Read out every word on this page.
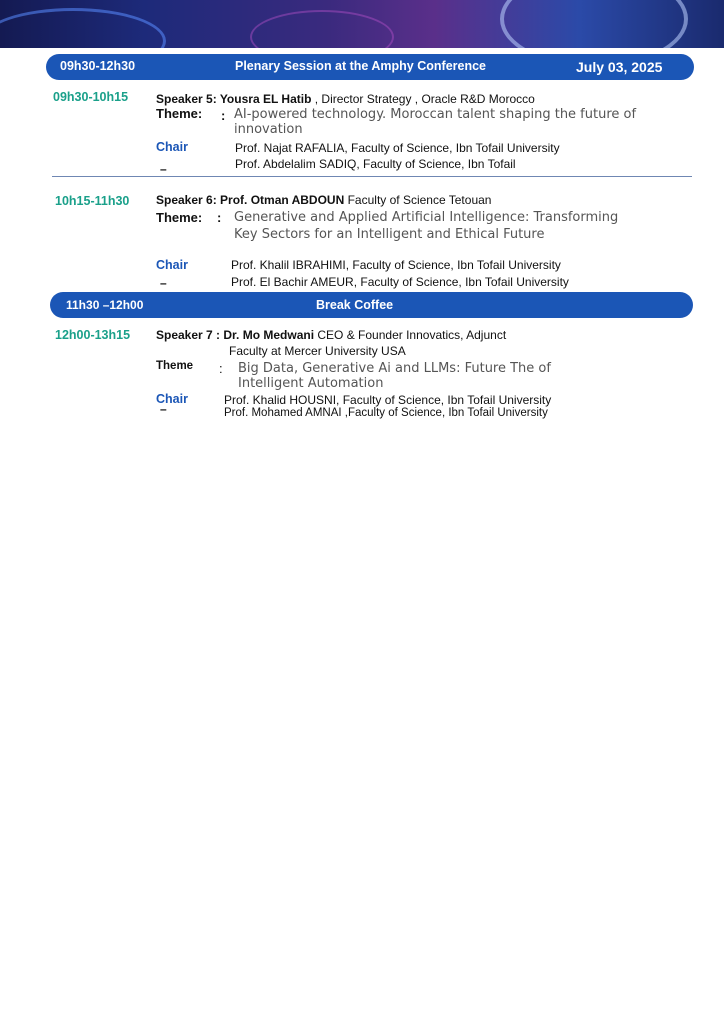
09h30-12h30	Plenary Session at the Amphy Conference	July 03, 2025
09h30-10h15 Speaker 5: Yousra EL Hatib , Director Strategy , Oracle R&D Morocco
Theme: : AI-powered technology. Moroccan talent shaping the future of
innovation
Chair
–
Prof. Najat RAFALIA, Faculty of Science, Ibn Tofail University
Prof. Abdelalim SADIQ, Faculty of Science, Ibn Tofail
10h15-11h30 Speaker 6: Prof. Otman ABDOUN Faculty of Science Tetouan
Theme: : Generative and Applied Artificial Intelligence: Transforming
Key Sectors for an Intelligent and Ethical Future
Chair
–
Prof. Khalil IBRAHIMI, Faculty of Science, Ibn Tofail University
Prof. El Bachir AMEUR, Faculty of Science, Ibn Tofail University
11h30 –12h00	Break Coffee
12h00-13h15 Speaker 7 : Dr. Mo Medwani CEO & Founder Innovatics, Adjunct
Faculty at Mercer University USA
Theme : Big Data, Generative Ai and LLMs: Future The of
Intelligent Automation
Chair
–
Prof. Khalid HOUSNI, Faculty of Science, Ibn Tofail University
Prof. Mohamed AMNAI ,Faculty of Science, Ibn Tofail University
